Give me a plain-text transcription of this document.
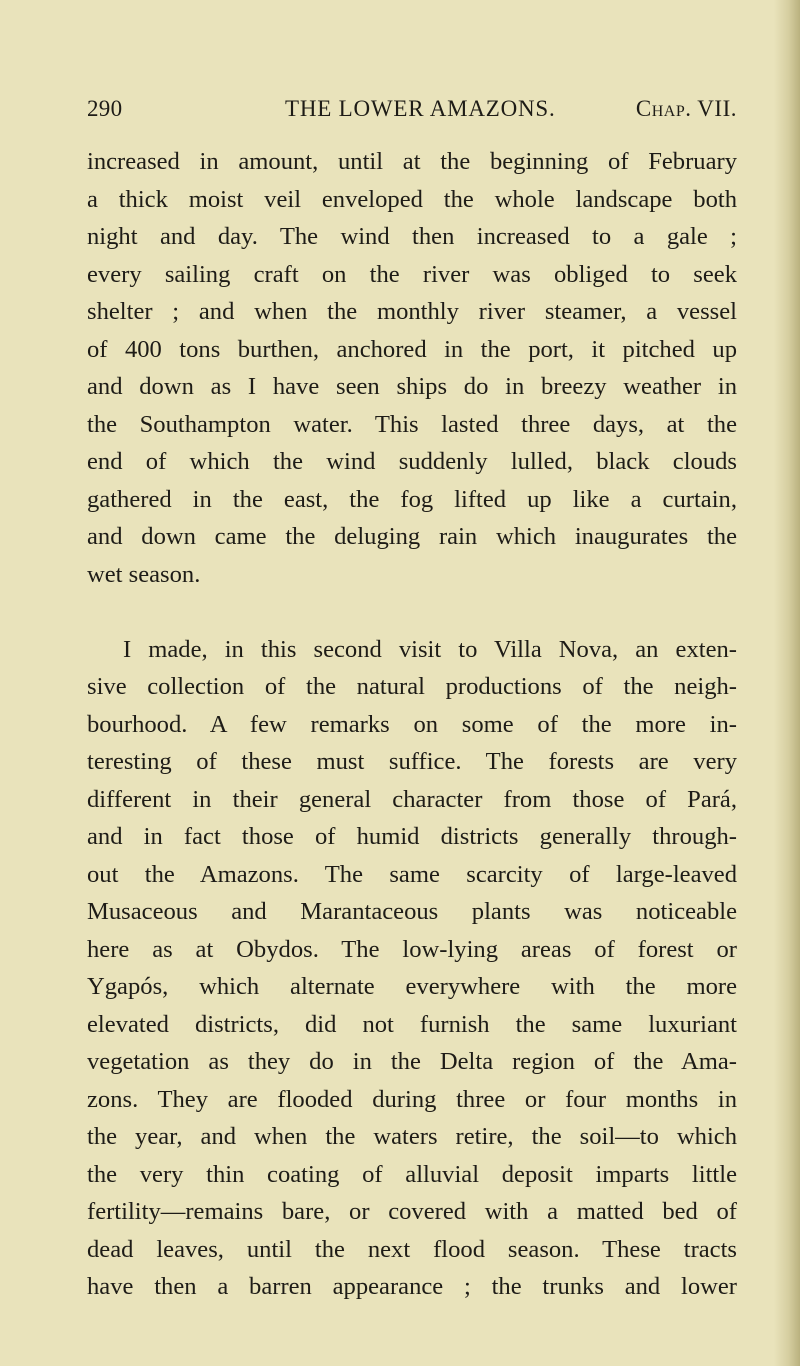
290	THE LOWER AMAZONS.	Chap. VII.
increased in amount, until at the beginning of February
a thick moist veil enveloped the whole landscape both
night and day. The wind then increased to a gale ;
every sailing craft on the river was obliged to seek
shelter ; and when the monthly river steamer, a vessel
of 400 tons burthen, anchored in the port, it pitched up
and down as I have seen ships do in breezy weather in
the Southampton water. This lasted three days, at the
end of which the wind suddenly lulled, black clouds
gathered in the east, the fog lifted up like a curtain,
and down came the deluging rain which inaugurates the
wet season.
I made, in this second visit to Villa Nova, an exten-
sive collection of the natural productions of the neigh-
bourhood. A few remarks on some of the more in-
teresting of these must suffice. The forests are very
different in their general character from those of Pará,
and in fact those of humid districts generally through-
out the Amazons. The same scarcity of large-leaved
Musaceous and Marantaceous plants was noticeable
here as at Obydos. The low-lying areas of forest or
Ygapós, which alternate everywhere with the more
elevated districts, did not furnish the same luxuriant
vegetation as they do in the Delta region of the Ama-
zons. They are flooded during three or four months in
the year, and when the waters retire, the soil—to which
the very thin coating of alluvial deposit imparts little
fertility—remains bare, or covered with a matted bed of
dead leaves, until the next flood season. These tracts
have then a barren appearance ; the trunks and lower
